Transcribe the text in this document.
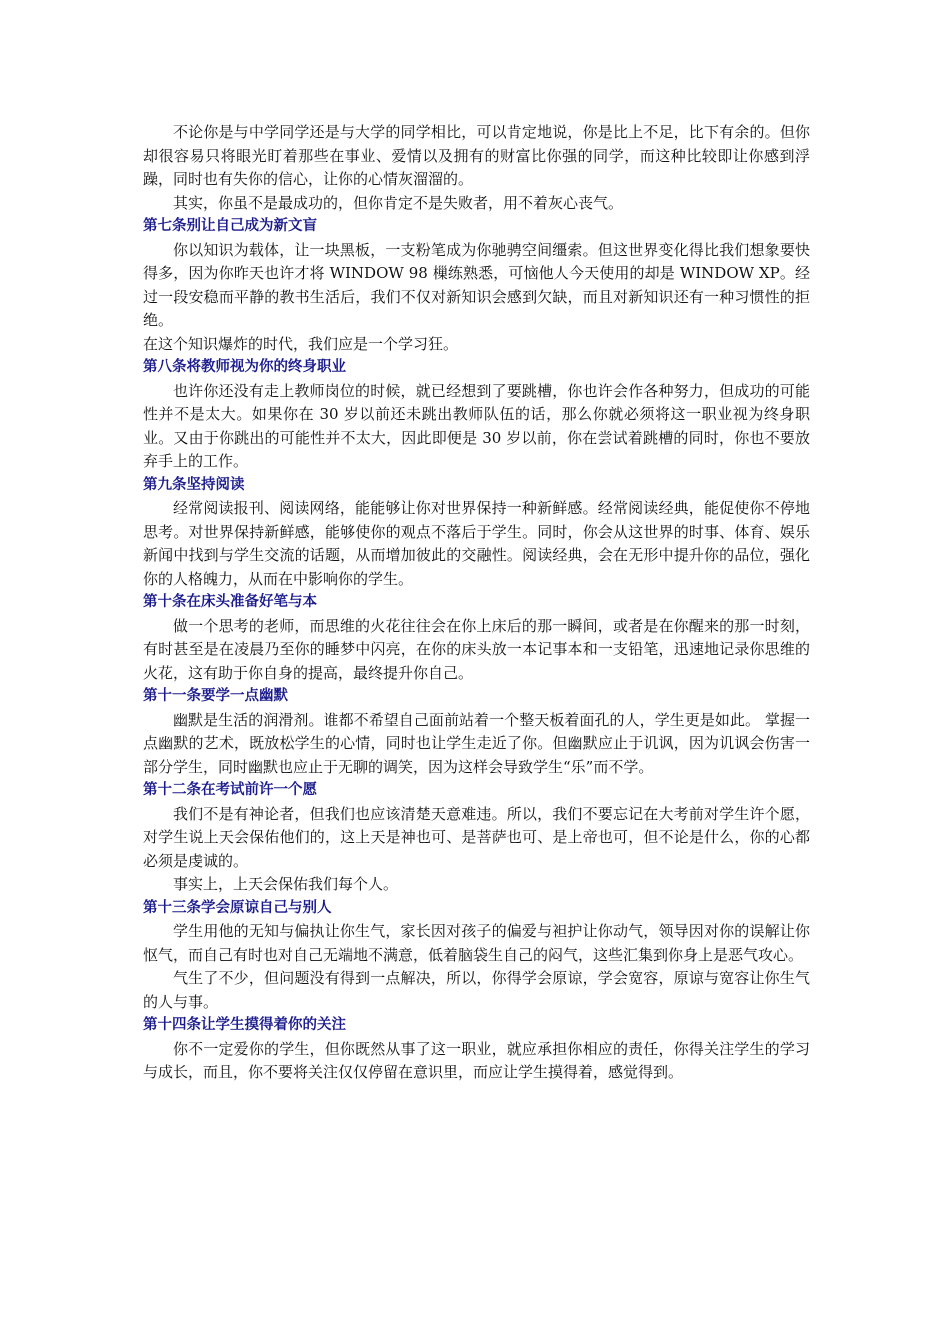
不论你是与中学同学还是与大学的同学相比，可以肯定地说，你是比上不足，比下有余的。但你却很容易只将眼光盯着那些在事业、爱情以及拥有的财富比你强的同学，而这种比较即让你感到浮躁，同时也有失你的信心，让你的心情灰溜溜的。

其实，你虽不是最成功的，但你肯定不是失败者，用不着灰心丧气。

第七条别让自己成为新文盲

你以知识为载体，让一块黑板，一支粉笔成为你驰骋空间缰索。但这世界变化得比我们想象要快得多，因为你昨天也许才将 WINDOW 98 樔练熟悉，可恼他人今天使用的却是 WINDOW XP。经过一段安稳而平静的教书生活后，我们不仅对新知识会感到欠缺，而且对新知识还有一种习惯性的拒绝。

在这个知识爆炸的时代，我们应是一个学习狂。

第八条将教师视为你的终身职业

也许你还没有走上教师岗位的时候，就已经想到了要跳槽，你也许会作各种努力，但成功的可能性并不是太大。如果你在 30 岁以前还未跳出教师队伍的话，那么你就必须将这一职业视为终身职业。又由于你跳出的可能性并不太大，因此即便是 30 岁以前，你在尝试着跳槽的同时，你也不要放弃手上的工作。

第九条坚持阅读

经常阅读报刊、阅读网络，能能够让你对世界保持一种新鲜感。经常阅读经典，能促使你不停地思考。对世界保持新鲜感，能够使你的观点不落后于学生。同时，你会从这世界的时事、体育、娱乐新闻中找到与学生交流的话题，从而增加彼此的交融性。阅读经典，会在无形中提升你的品位，强化你的人格魄力，从而在中影响你的学生。

第十条在床头准备好笔与本

做一个思考的老师，而思维的火花往往会在你上床后的那一瞬间，或者是在你醒来的那一时刻，有时甚至是在凌晨乃至你的睡梦中闪亮，在你的床头放一本记事本和一支铅笔，迅速地记录你思维的火花，这有助于你自身的提高，最终提升你自己。

第十一条要学一点幽默

幽默是生活的润滑剂。谁都不希望自己面前站着一个整天板着面孔的人，学生更是如此。 掌握一点幽默的艺术，既放松学生的心情，同时也让学生走近了你。但幽默应止于讥讽，因为讥讽会伤害一部分学生，同时幽默也应止于无聊的调笑，因为这样会导致学生“乐”而不学。

第十二条在考试前许一个愿

我们不是有神论者，但我们也应该清楚天意难违。所以，我们不要忘记在大考前对学生许个愿，对学生说上天会保佑他们的，这上天是神也可、是菩萨也可、是上帝也可，但不论是什么，你的心都必须是虔诚的。

事实上，上天会保佑我们每个人。

第十三条学会原谅自己与别人

学生用他的无知与偏执让你生气，家长因对孩子的偏爱与袒护让你动气，领导因对你的误解让你怄气，而自己有时也对自己无端地不满意，低着脑袋生自己的闷气，这些汇集到你身上是恶气攻心。

气生了不少，但问题没有得到一点解决，所以，你得学会原谅，学会宽容，原谅与宽容让你生气的人与事。

第十四条让学生摸得着你的关注

你不一定爱你的学生，但你既然从事了这一职业，就应承担你相应的责任，你得关注学生的学习与成长，而且，你不要将关注仅仅停留在意识里，而应让学生摸得着，感觉得到。
